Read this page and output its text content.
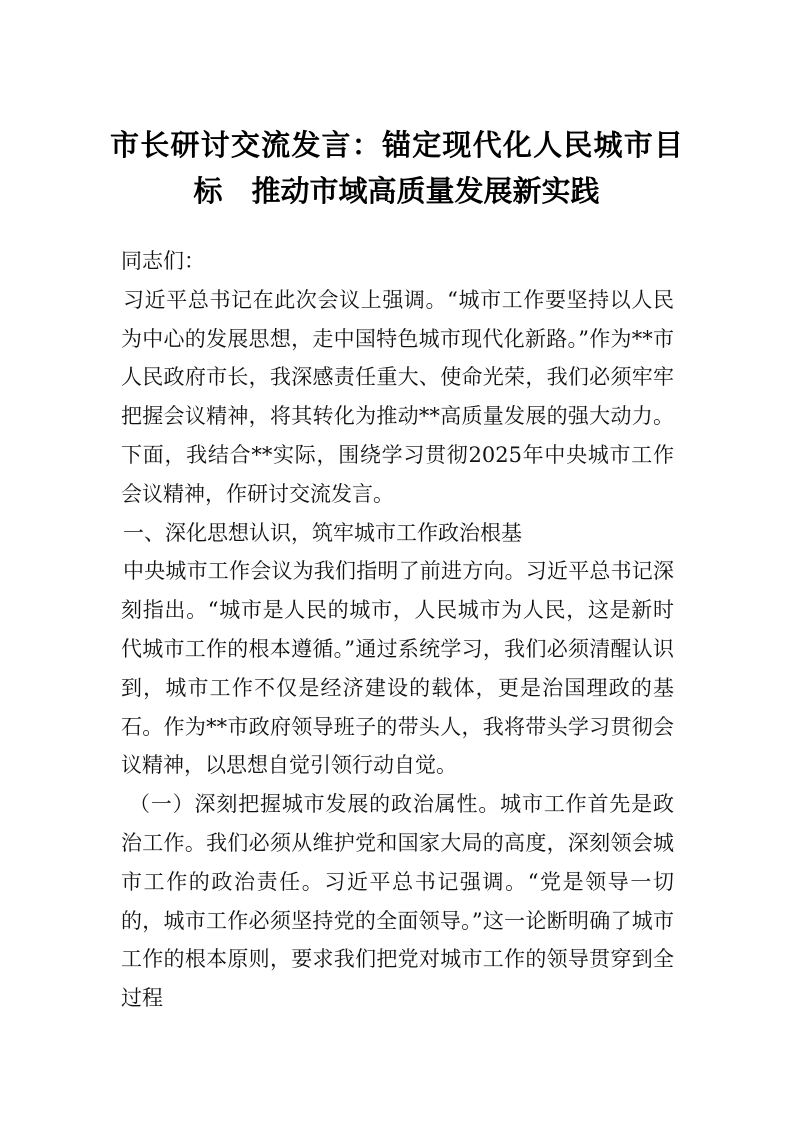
市长研讨交流发言：锚定现代化人民城市目标　推动市域高质量发展新实践

同志们：

习近平总书记在此次会议上强调。“城市工作要坚持以人民为中心的发展思想，走中国特色城市现代化新路。”作为**市人民政府市长，我深感责任重大、使命光荣，我们必须牢牢把握会议精神，将其转化为推动**高质量发展的强大动力。下面，我结合**实际，围绕学习贯彻2025年中央城市工作会议精神，作研讨交流发言。

一、深化思想认识，筑牢城市工作政治根基

中央城市工作会议为我们指明了前进方向。习近平总书记深刻指出。“城市是人民的城市，人民城市为人民，这是新时代城市工作的根本遵循。”通过系统学习，我们必须清醒认识到，城市工作不仅是经济建设的载体，更是治国理政的基石。作为**市政府领导班子的带头人，我将带头学习贯彻会议精神，以思想自觉引领行动自觉。

（一）深刻把握城市发展的政治属性。城市工作首先是政治工作。我们必须从维护党和国家大局的高度，深刻领会城市工作的政治责任。习近平总书记强调。“党是领导一切的，城市工作必须坚持党的全面领导。”这一论断明确了城市工作的根本原则，要求我们把党对城市工作的领导贯穿到全过程
